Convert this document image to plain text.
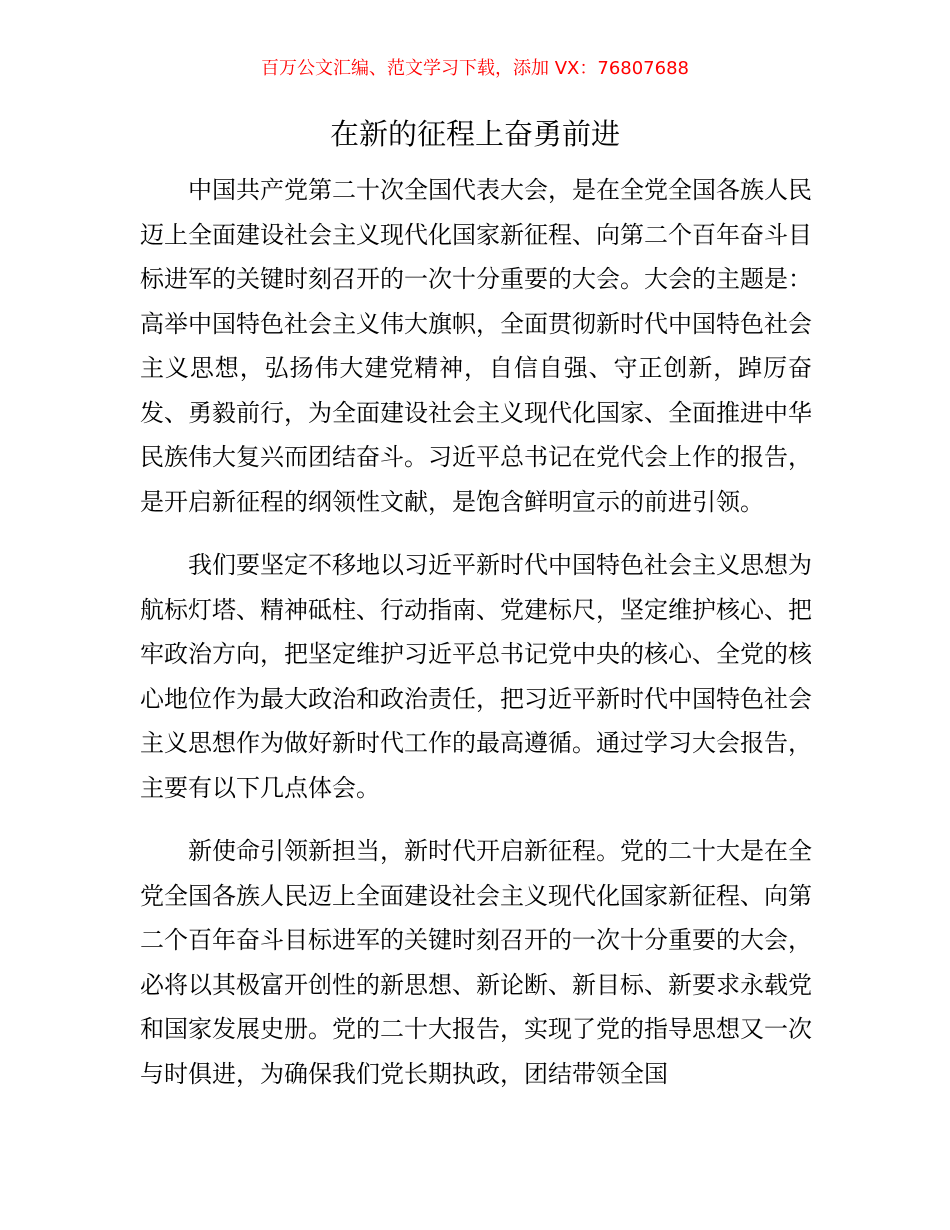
百万公文汇编、范文学习下载，添加 VX：76807688
在新的征程上奋勇前进

中国共产党第二十次全国代表大会，是在全党全国各族人民迈上全面建设社会主义现代化国家新征程、向第二个百年奋斗目标进军的关键时刻召开的一次十分重要的大会。大会的主题是：高举中国特色社会主义伟大旗帜，全面贯彻新时代中国特色社会主义思想，弘扬伟大建党精神，自信自强、守正创新，踔厉奋发、勇毅前行，为全面建设社会主义现代化国家、全面推进中华民族伟大复兴而团结奋斗。习近平总书记在党代会上作的报告，是开启新征程的纲领性文献，是饱含鲜明宣示的前进引领。

我们要坚定不移地以习近平新时代中国特色社会主义思想为航标灯塔、精神砥柱、行动指南、党建标尺，坚定维护核心、把牢政治方向，把坚定维护习近平总书记党中央的核心、全党的核心地位作为最大政治和政治责任，把习近平新时代中国特色社会主义思想作为做好新时代工作的最高遵循。通过学习大会报告，主要有以下几点体会。

新使命引领新担当，新时代开启新征程。党的二十大是在全党全国各族人民迈上全面建设社会主义现代化国家新征程、向第二个百年奋斗目标进军的关键时刻召开的一次十分重要的大会，必将以其极富开创性的新思想、新论断、新目标、新要求永载党和国家发展史册。党的二十大报告，实现了党的指导思想又一次与时俱进，为确保我们党长期执政，团结带领全国
